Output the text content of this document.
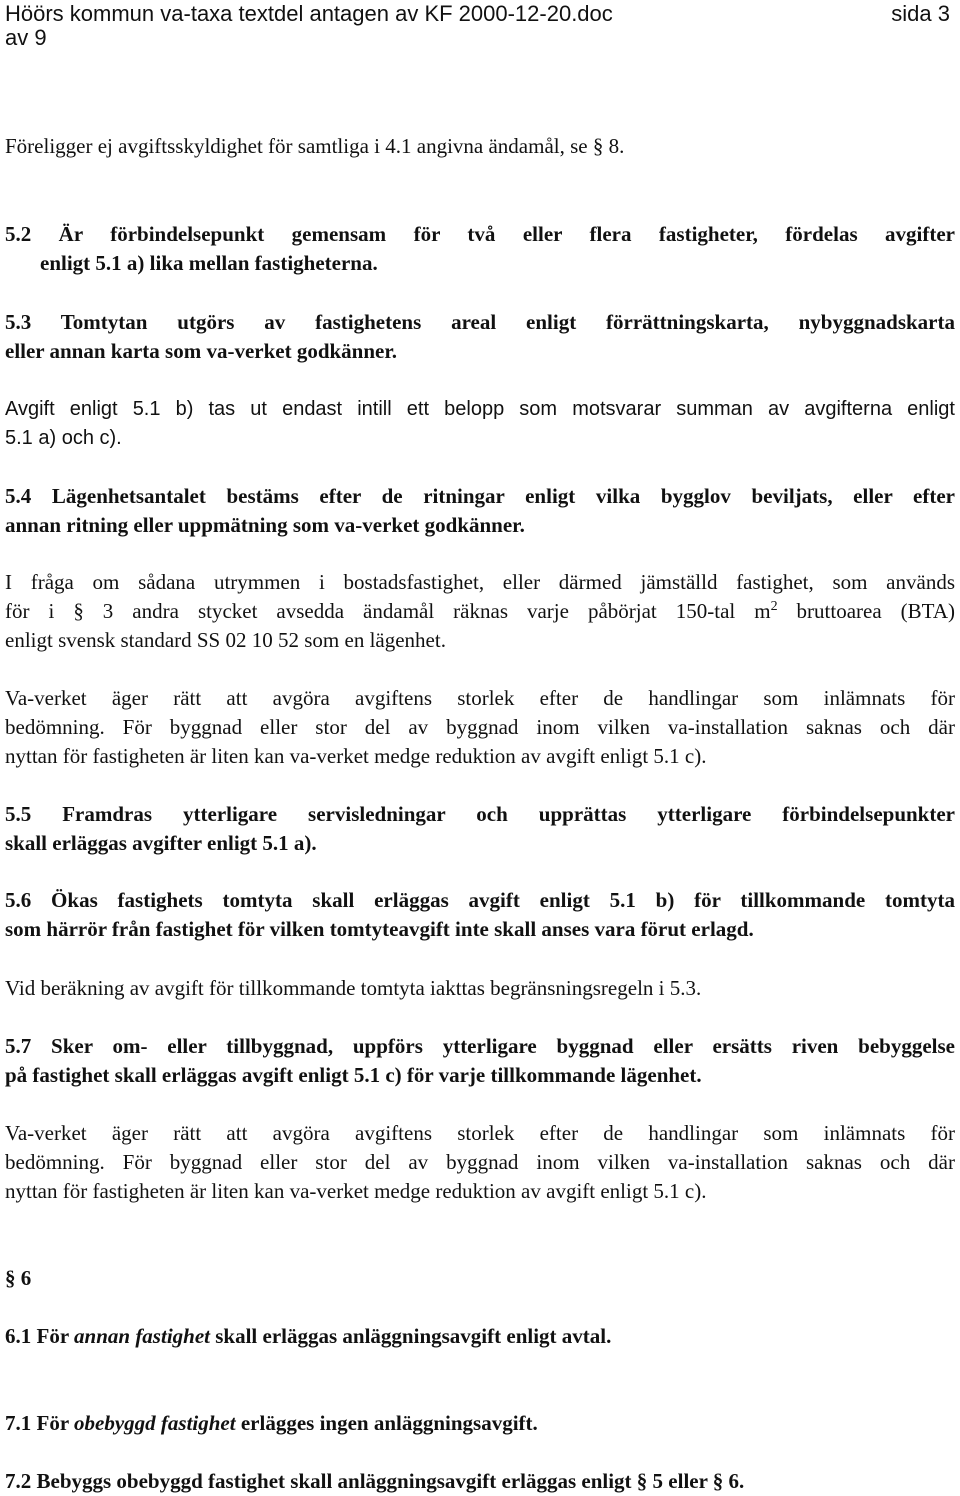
Höörs kommun va-taxa textdel antagen av KF 2000-12-20.doc	sida 3
av 9

Föreligger ej avgiftsskyldighet för samtliga i 4.1 angivna ändamål, se § 8.

5.2 Är förbindelsepunkt gemensam för två eller flera fastigheter, fördelas avgifter
enligt 5.1 a) lika mellan fastigheterna.

5.3 Tomtytan utgörs av fastighetens areal enligt förrättningskarta, nybyggnadskarta
eller annan karta som va-verket godkänner.

Avgift enligt 5.1 b) tas ut endast intill ett belopp som motsvarar summan av avgifterna enligt
5.1 a) och c).

5.4 Lägenhetsantalet bestäms efter de ritningar enligt vilka bygglov beviljats, eller efter
annan ritning eller uppmätning som va-verket godkänner.

I fråga om sådana utrymmen i bostadsfastighet, eller därmed jämställd fastighet, som används
för i § 3 andra stycket avsedda ändamål räknas varje påbörjat 150-tal $m^2$ bruttoarea (BTA)
enligt svensk standard SS 02 10 52 som en lägenhet.

Va-verket äger rätt att avgöra avgiftens storlek efter de handlingar som inlämnats för
bedömning. För byggnad eller stor del av byggnad inom vilken va-installation saknas och där
nyttan för fastigheten är liten kan va-verket medge reduktion av avgift enligt 5.1 c).

5.5 Framdras ytterligare servisledningar och upprättas ytterligare förbindelsepunkter
skall erläggas avgifter enligt 5.1 a).

5.6 Ökas fastighets tomtyta skall erläggas avgift enligt 5.1 b) för tillkommande tomtyta
som härrör från fastighet för vilken tomtyteavgift inte skall anses vara förut erlagd.

Vid beräkning av avgift för tillkommande tomtyta iakttas begränsningsregeln i 5.3.

5.7 Sker om- eller tillbyggnad, uppförs ytterligare byggnad eller ersätts riven bebyggelse
på fastighet skall erläggas avgift enligt 5.1 c) för varje tillkommande lägenhet.

Va-verket äger rätt att avgöra avgiftens storlek efter de handlingar som inlämnats för
bedömning. För byggnad eller stor del av byggnad inom vilken va-installation saknas och där
nyttan för fastigheten är liten kan va-verket medge reduktion av avgift enligt 5.1 c).

§ 6

6.1 För annan fastighet skall erläggas anläggningsavgift enligt avtal.

7.1 För obebyggd fastighet erlägges ingen anläggningsavgift.

7.2 Bebyggs obebyggd fastighet skall anläggningsavgift erläggas enligt § 5 eller § 6.
